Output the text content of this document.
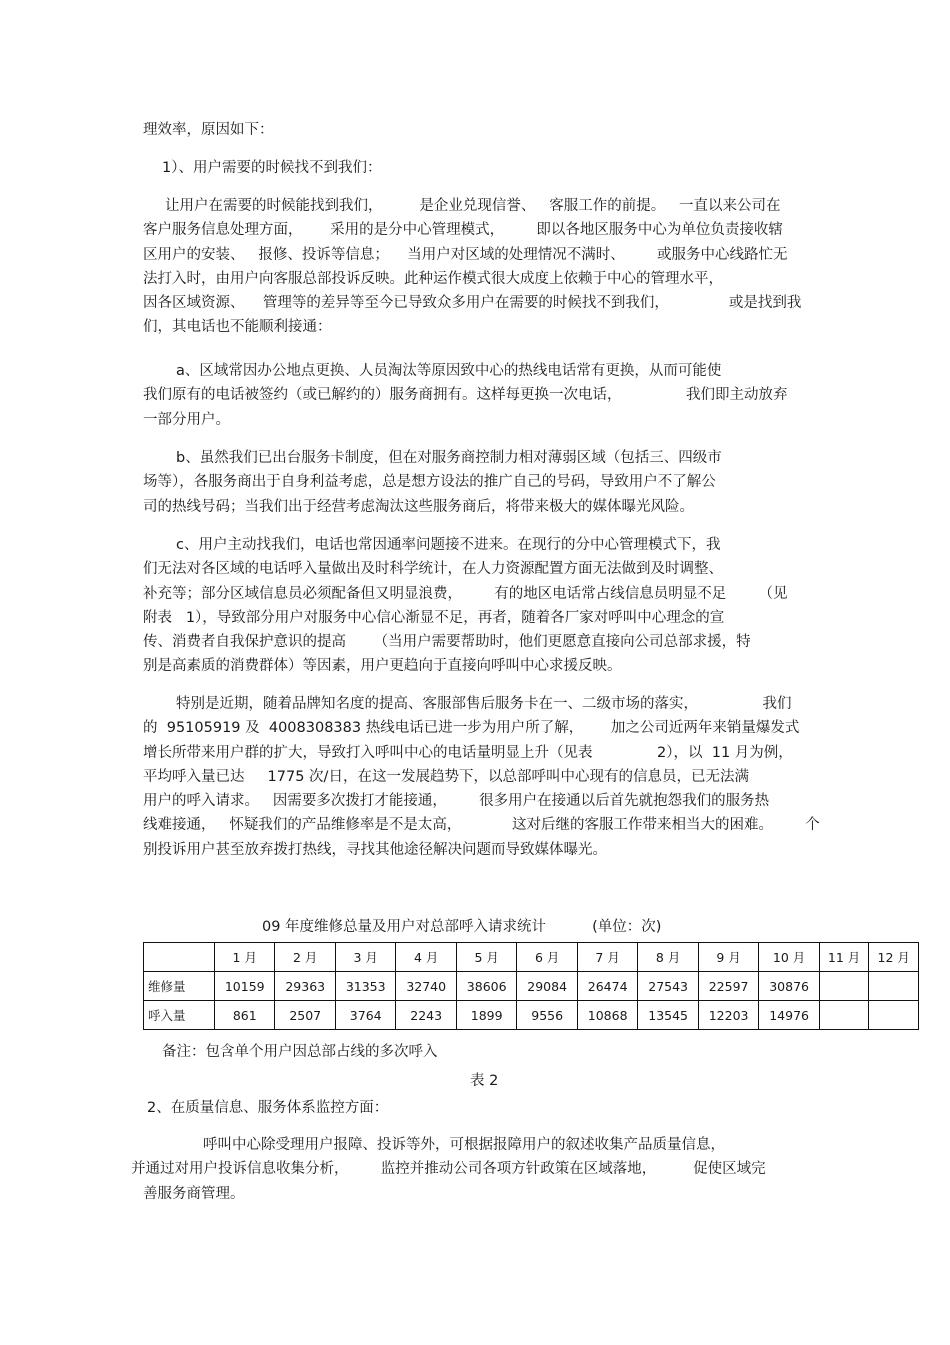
理效率，原因如下：
1）、用户需要的时候找不到我们：
让用户在需要的时候能找到我们，        是企业兑现信誉、   客服工作的前提。   一直以来公司在
客户服务信息处理方面，      采用的是分中心管理模式，       即以各地区服务中心为单位负责接收辖
区用户的安装、   报修、投诉等信息；    当用户对区域的处理情况不满时、       或服务中心线路忙无
法打入时，由用户向客服总部投诉反映。此种运作模式很大成度上依赖于中心的管理水平，
因各区域资源、    管理等的差异等至今已导致众多用户在需要的时候找不到我们，             或是找到我
们，其电话也不能顺利接通：
a、区域常因办公地点更换、人员淘汰等原因致中心的热线电话常有更换，从而可能使
我们原有的电话被签约（或已解约的）服务商拥有。这样每更换一次电话，              我们即主动放弃
一部分用户。
b、虽然我们已出台服务卡制度，但在对服务商控制力相对薄弱区域（包括三、四级市
场等），各服务商出于自身利益考虑，总是想方设法的推广自己的号码，导致用户不了解公
司的热线号码；当我们出于经营考虑淘汰这些服务商后，将带来极大的媒体曝光风险。
c、用户主动找我们，电话也常因通率问题接不进来。在现行的分中心管理模式下，我
们无法对各区域的电话呼入量做出及时科学统计，在人力资源配置方面无法做到及时调整、
补充等；部分区域信息员必须配备但又明显浪费，       有的地区电话常占线信息员明显不足       （见
附表   1），导致部分用户对服务中心信心渐显不足，再者，随着各厂家对呼叫中心理念的宣
传、消费者自我保护意识的提高      （当用户需要帮助时，他们更愿意直接向公司总部求援，特
别是高素质的消费群体）等因素，用户更趋向于直接向呼叫中心求援反映。
特别是近期，随着品牌知名度的提高、客服部售后服务卡在一、二级市场的落实，              我们
的  95105919 及  4008308383 热线电话已进一步为用户所了解，      加之公司近两年来销量爆发式
增长所带来用户群的扩大，导致打入呼叫中心的电话量明显上升（见表              2），以  11 月为例，
平均呼入量已达     1775 次/日，在这一发展趋势下，以总部呼叫中心现有的信息员，已无法满
用户的呼入请求。   因需要多次拨打才能接通，       很多用户在接通以后首先就抱怨我们的服务热
线难接通，   怀疑我们的产品维修率是不是太高，           这对后继的客服工作带来相当大的困难。       个
别投诉用户甚至放弃拨打热线，寻找其他途径解决问题而导致媒体曝光。
09 年度维修总量及用户对总部呼入请求统计          (单位：次)
	1 月	2 月	3 月	4 月	5 月	6 月	7 月	8 月	9 月	10 月	11 月	12 月
维修量	10159	29363	31353	32740	38606	29084	26474	27543	22597	30876		
呼入量	861	2507	3764	2243	1899	9556	10868	13545	12203	14976		
备注：包含单个用户因总部占线的多次呼入
表 2
2、在质量信息、服务体系监控方面：
呼叫中心除受理用户报障、投诉等外，可根据报障用户的叙述收集产品质量信息，
并通过对用户投诉信息收集分析，       监控并推动公司各项方针政策在区域落地，        促使区域完
善服务商管理。
